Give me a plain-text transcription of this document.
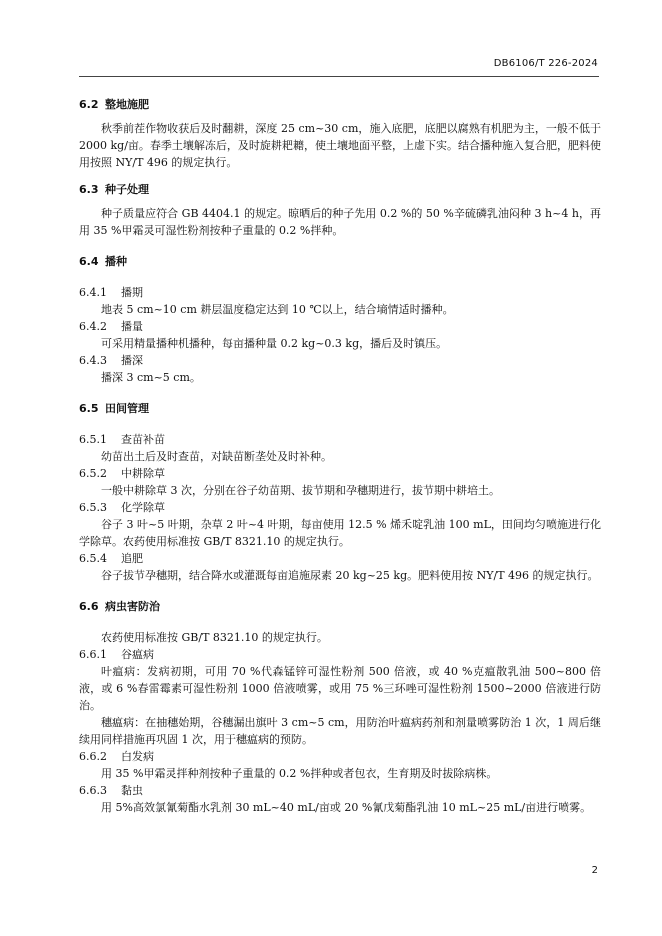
DB6106/T 226-2024
6.2 整地施肥

秋季前茬作物收获后及时翻耕，深度 25 cm~30 cm，施入底肥，底肥以腐熟有机肥为主，一般不低于 2000 kg/亩。春季土壤解冻后，及时旋耕耙耱，使土壤地面平整，上虚下实。结合播种施入复合肥，肥料使用按照 NY/T 496 的规定执行。

6.3 种子处理

种子质量应符合 GB 4404.1 的规定。晾晒后的种子先用 0.2 %的 50 %辛硫磷乳油闷种 3 h~4 h，再用 35 %甲霜灵可湿性粉剂按种子重量的 0.2 %拌种。

6.4 播种
6.4.1 播期

地表 5 cm~10 cm 耕层温度稳定达到 10 ℃以上，结合墒情适时播种。

6.4.2 播量

可采用精量播种机播种，每亩播种量 0.2 kg~0.3 kg，播后及时镇压。

6.4.3 播深

播深 3 cm~5 cm。

6.5 田间管理
6.5.1 查苗补苗

幼苗出土后及时查苗，对缺苗断垄处及时补种。

6.5.2 中耕除草

一般中耕除草 3 次，分别在谷子幼苗期、拔节期和孕穗期进行，拔节期中耕培土。

6.5.3 化学除草

谷子 3 叶~5 叶期，杂草 2 叶~4 叶期，每亩使用 12.5 % 烯禾啶乳油 100 mL，田间均匀喷施进行化学除草。农药使用标准按 GB/T 8321.10 的规定执行。

6.5.4 追肥

谷子拔节孕穗期，结合降水或灌溉每亩追施尿素 20 kg~25 kg。肥料使用按 NY/T 496 的规定执行。

6.6 病虫害防治

农药使用标准按 GB/T 8321.10 的规定执行。

6.6.1 谷瘟病

叶瘟病：发病初期，可用 70 %代森锰锌可湿性粉剂 500 倍液，或 40 %克瘟散乳油 500~800 倍液，或 6 %春雷霉素可湿性粉剂 1000 倍液喷雾，或用 75 %三环唑可湿性粉剂 1500~2000 倍液进行防治。

穗瘟病：在抽穗始期，谷穗漏出旗叶 3 cm~5 cm，用防治叶瘟病药剂和剂量喷雾防治 1 次，1 周后继续用同样措施再巩固 1 次，用于穗瘟病的预防。

6.6.2 白发病

用 35 %甲霜灵拌种剂按种子重量的 0.2 %拌种或者包衣，生育期及时拔除病株。

6.6.3 黏虫

用 5%高效氯氰菊酯水乳剂 30 mL~40 mL/亩或 20 %氰戊菊酯乳油 10 mL~25 mL/亩进行喷雾。

2
